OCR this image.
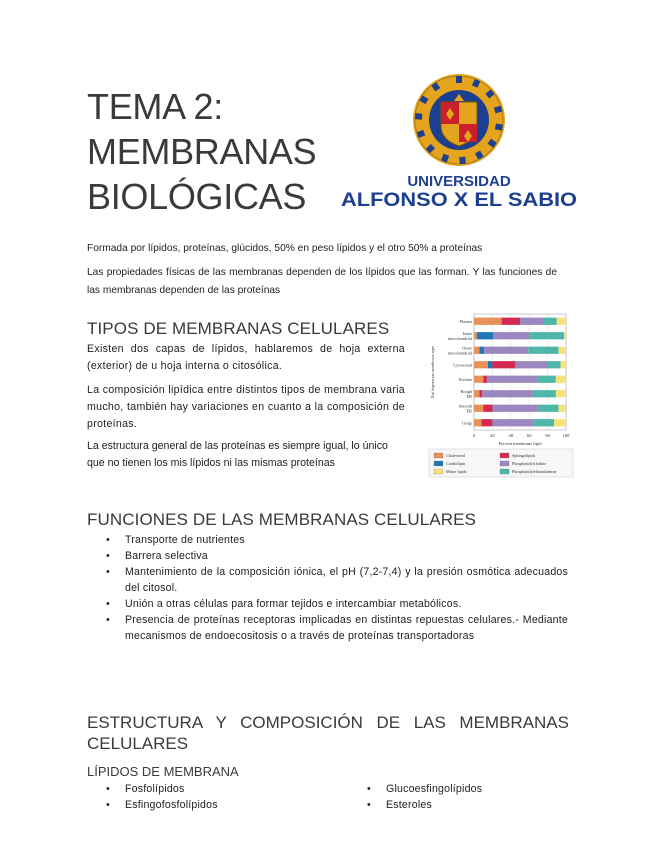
TEMA 2:
MEMBRANAS
BIOLÓGICAS	UNIVERSIDAD
ALFONSO X EL SABIO
Formada por lípidos, proteínas, glúcidos, 50% en peso lípidos y el otro 50% a proteínas
Las propiedades físicas de las membranas dependen de los lípidos que las forman. Y las funciones de las membranas dependen de las proteínas
TIPOS DE MEMBRANAS CELULARES
Existen dos capas de lípidos, hablaremos de hoja externa (exterior) de u hoja interna o citosólica.
La composición lipídica entre distintos tipos de membrana varia mucho, también hay variaciones en cuanto a la composición de proteínas.
La estructura general de las proteínas es siempre igual, lo único que no tienen los mis lípidos ni las mismas proteínas
0	20	40	60	80	100
Plasma
Inner mitochondrial
Outer mitochondrial
Lysosomal
Nuclear
Rough ER
Smooth ER
Golgi
Percent membrane lipid
Rat hepatocyte membrane type
Cholesterol	Sphingolipids
Cardiolipin	Phosphatidylcholine
Minor lipids	Phosphatidylethanolamine
FUNCIONES DE LAS MEMBRANAS CELULARES
• Transporte de nutrientes
• Barrera selectiva
• Mantenimiento de la composición iónica, el pH (7,2-7,4) y la presión osmótica adecuados del citosol.
• Unión a otras células para formar tejidos e intercambiar metabólicos.
• Presencia de proteínas receptoras implicadas en distintas repuestas celulares.- Mediante mecanismos de endoecositosis o a través de proteínas transportadoras
ESTRUCTURA Y COMPOSICIÓN DE LAS MEMBRANAS
CELULARES
LÍPIDOS DE MEMBRANA
• Fosfolípidos
• Esfingofosfolípidos
• Glucoesfingolípidos
• Esteroles
